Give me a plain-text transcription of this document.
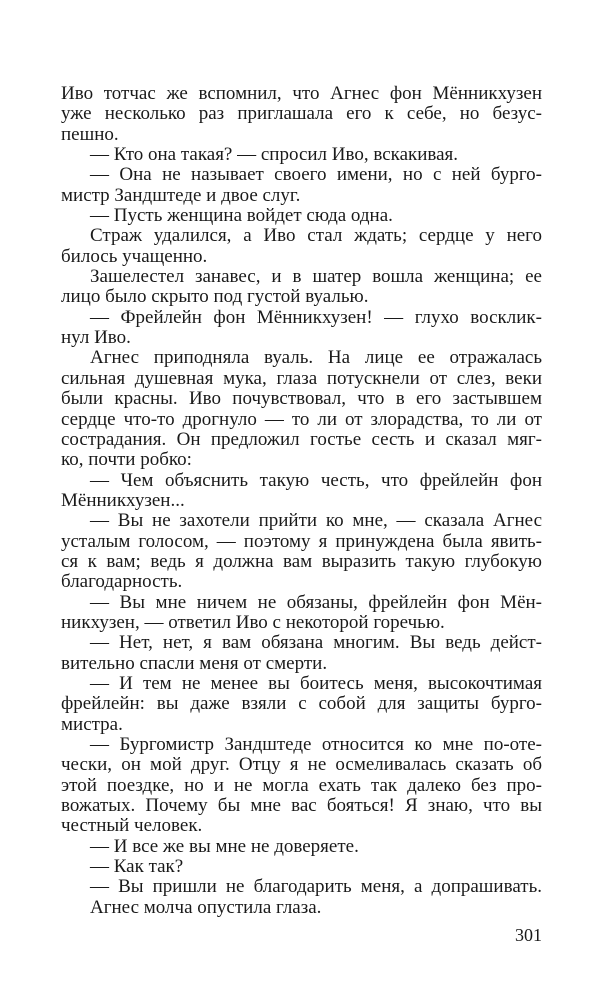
Иво тотчас же вспомнил, что Агнес фон Мённикхузен
уже несколько раз приглашала его к себе, но безус-
пешно.
— Кто она такая? — спросил Иво, вскакивая.
— Она не называет своего имени, но с ней бурго-
мистр Зандштеде и двое слуг.
— Пусть женщина войдет сюда одна.
Страж удалился, а Иво стал ждать; сердце у него
билось учащенно.
Зашелестел занавес, и в шатер вошла женщина; ее
лицо было скрыто под густой вуалью.
— Фрейлейн фон Мённикхузен! — глухо восклик-
нул Иво.
Агнес приподняла вуаль. На лице ее отражалась
сильная душевная мука, глаза потускнели от слез, веки
были красны. Иво почувствовал, что в его застывшем
сердце что-то дрогнуло — то ли от злорадства, то ли от
сострадания. Он предложил гостье сесть и сказал мяг-
ко, почти робко:
— Чем объяснить такую честь, что фрейлейн фон
Мённикхузен...
— Вы не захотели прийти ко мне, — сказала Агнес
усталым голосом, — поэтому я принуждена была явить-
ся к вам; ведь я должна вам выразить такую глубокую
благодарность.
— Вы мне ничем не обязаны, фрейлейн фон Мён-
никхузен, — ответил Иво с некоторой горечью.
— Нет, нет, я вам обязана многим. Вы ведь дейст-
вительно спасли меня от смерти.
— И тем не менее вы боитесь меня, высокочтимая
фрейлейн: вы даже взяли с собой для защиты бурго-
мистра.
— Бургомистр Зандштеде относится ко мне по-оте-
чески, он мой друг. Отцу я не осмеливалась сказать об
этой поездке, но и не могла ехать так далеко без про-
вожатых. Почему бы мне вас бояться! Я знаю, что вы
честный человек.
— И все же вы мне не доверяете.
— Как так?
— Вы пришли не благодарить меня, а допрашивать.
Агнес молча опустила глаза.
301
